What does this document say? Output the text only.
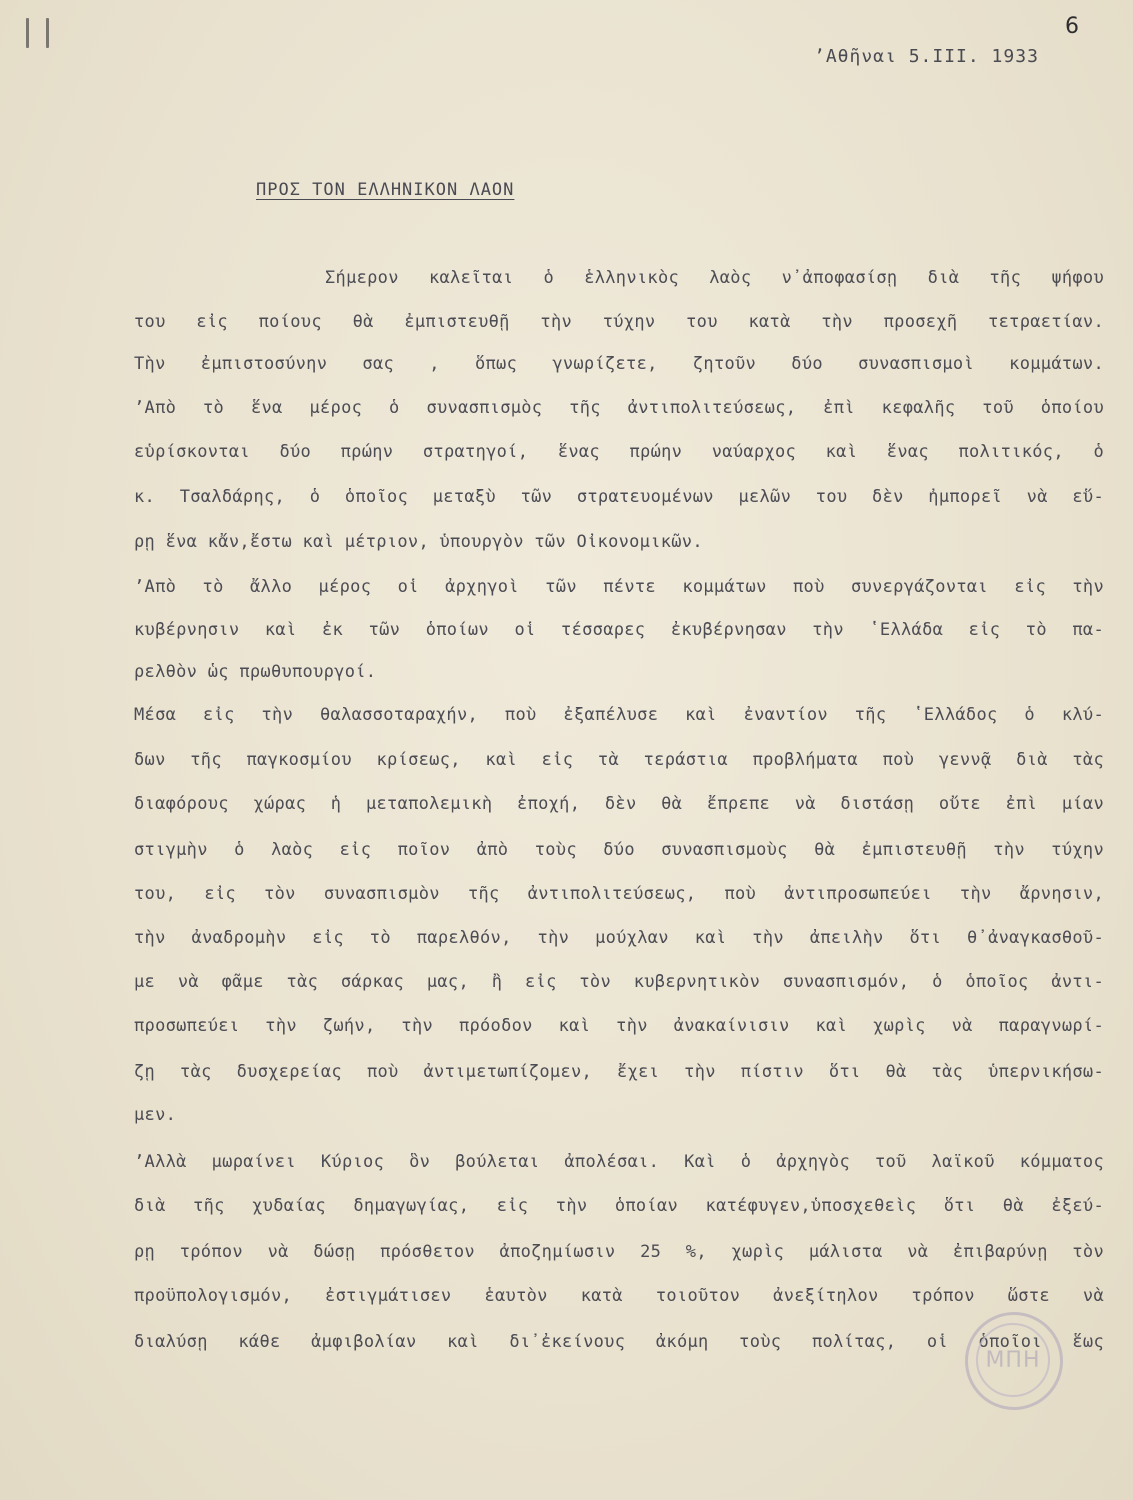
6
ʼΑθῆναι 5.III. 1933
ΠΡΟΣ ΤΟΝ ΕΛΛΗΝΙΚΟΝ ΛΑΟΝ
Σήμερον καλεῖται ὁ ἑλληνικὸς λαὸς ν᾽ἀποφασίσῃ διὰ τῆς ψήφου
του εἰς ποίους θὰ ἐμπιστευθῇ τὴν τύχην του κατὰ τὴν προσεχῆ τετραετίαν.
Τὴν ἐμπιστοσύνην σας , ὅπως γνωρίζετε, ζητοῦν δύο συνασπισμοὶ κομμάτων.
ʼΑπὸ τὸ ἕνα μέρος ὁ συνασπισμὸς τῆς ἀντιπολιτεύσεως, ἐπὶ κεφαλῆς τοῦ ὁποίου
εὑρίσκονται δύο πρώην στρατηγοί, ἕνας πρώην ναύαρχος καὶ ἕνας πολιτικός, ὁ
κ. Τσαλδάρης, ὁ ὁποῖος μεταξὺ τῶν στρατευομένων μελῶν του δὲν ἠμπορεῖ νὰ εὕ-
ρῃ ἕνα κἄν,ἔστω καὶ μέτριον, ὑπουργὸν τῶν Οἰκονομικῶν.
ʼΑπὸ τὸ ἄλλο μέρος οἱ ἀρχηγοὶ τῶν πέντε κομμάτων ποὺ συνεργάζονται εἰς τὴν
κυβέρνησιν καὶ ἐκ τῶν ὁποίων οἱ τέσσαρες ἐκυβέρνησαν τὴν ʽΕλλάδα εἰς τὸ πα-
ρελθὸν ὡς πρωθυπουργοί.
Μέσα εἰς τὴν θαλασσοταραχήν, ποὺ ἐξαπέλυσε καὶ ἐναντίον τῆς ʽΕλλάδος ὁ κλύ-
δων τῆς παγκοσμίου κρίσεως, καὶ εἰς τὰ τεράστια προβλήματα ποὺ γεννᾷ διὰ τὰς
διαφόρους χώρας ἡ μεταπολεμικὴ ἐποχή, δὲν θὰ ἔπρεπε νὰ διστάσῃ οὔτε ἐπὶ μίαν
στιγμὴν ὁ λαὸς εἰς ποῖον ἀπὸ τοὺς δύο συνασπισμοὺς θὰ ἐμπιστευθῇ τὴν τύχην
του, εἰς τὸν συνασπισμὸν τῆς ἀντιπολιτεύσεως, ποὺ ἀντιπροσωπεύει τὴν ἄρνησιν,
τὴν ἀναδρομὴν εἰς τὸ παρελθόν, τὴν μούχλαν καὶ τὴν ἀπειλὴν ὅτι θ᾽ἀναγκασθοῦ-
με νὰ φᾶμε τὰς σάρκας μας, ἢ εἰς τὸν κυβερνητικὸν συνασπισμόν, ὁ ὁποῖος ἀντι-
προσωπεύει τὴν ζωήν, τὴν πρόοδον καὶ τὴν ἀνακαίνισιν καὶ χωρὶς νὰ παραγνωρί-
ζῃ τὰς δυσχερείας ποὺ ἀντιμετωπίζομεν, ἔχει τὴν πίστιν ὅτι θὰ τὰς ὑπερνικήσω-
μεν.
ʼΑλλὰ μωραίνει Κύριος ὃν βούλεται ἀπολέσαι. Καὶ ὁ ἀρχηγὸς τοῦ λαϊκοῦ κόμματος
διὰ τῆς χυδαίας δημαγωγίας, εἰς τὴν ὁποίαν κατέφυγεν,ὑποσχεθεὶς ὅτι θὰ ἐξεύ-
ρῃ τρόπον νὰ δώσῃ πρόσθετον ἀποζημίωσιν 25 %, χωρὶς μάλιστα νὰ ἐπιβαρύνῃ τὸν
προϋπολογισμόν, ἐστιγμάτισεν ἑαυτὸν κατὰ τοιοῦτον ἀνεξίτηλον τρόπον ὥστε νὰ
διαλύσῃ κάθε ἀμφιβολίαν καὶ δι᾽ἐκείνους ἀκόμη τοὺς πολίτας, οἱ ὁποῖοι ἕως
ΜΠΗ
